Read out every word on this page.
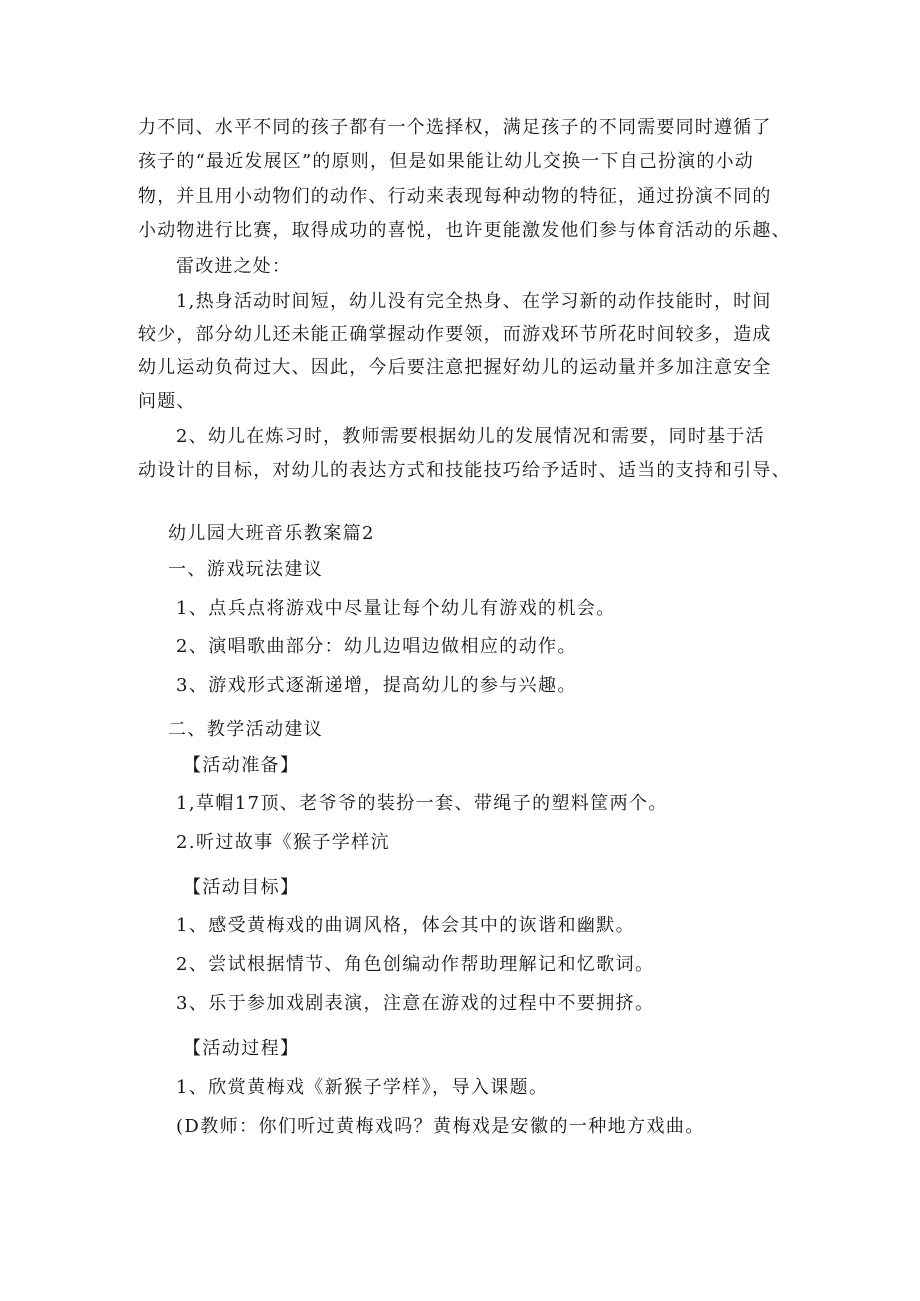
力不同、水平不同的孩子都有一个选择权，满足孩子的不同需要同时遵循了
孩子的“最近发展区”的原则，但是如果能让幼儿交换一下自己扮演的小动
物，并且用小动物们的动作、行动来表现每种动物的特征，通过扮演不同的
小动物进行比赛，取得成功的喜悦，也许更能激发他们参与体育活动的乐趣、
雷改进之处：
1,热身活动时间短，幼儿没有完全热身、在学习新的动作技能时，时间
较少，部分幼儿还未能正确掌握动作要领，而游戏环节所花时间较多，造成
幼儿运动负荷过大、因此，今后要注意把握好幼儿的运动量并多加注意安全
问题、
2、幼儿在炼习时，教师需要根据幼儿的发展情况和需要，同时基于活
动设计的目标，对幼儿的表达方式和技能技巧给予适时、适当的支持和引导、
幼儿园大班音乐教案篇2
一、游戏玩法建议
1、点兵点将游戏中尽量让每个幼儿有游戏的机会。
2、演唱歌曲部分：幼儿边唱边做相应的动作。
3、游戏形式逐渐递增，提高幼儿的参与兴趣。
二、教学活动建议
【活动准备】
1,草帽17顶、老爷爷的装扮一套、带绳子的塑料筐两个。
2.听过故事《猴子学样沆
【活动目标】
1、感受黄梅戏的曲调风格，体会其中的诙谐和幽默。
2、尝试根据情节、角色创编动作帮助理解记和忆歌词。
3、乐于参加戏剧表演，注意在游戏的过程中不要拥挤。
【活动过程】
1、欣赏黄梅戏《新猴子学样》，导入课题。
(D教师：你们听过黄梅戏吗？黄梅戏是安徽的一种地方戏曲。
